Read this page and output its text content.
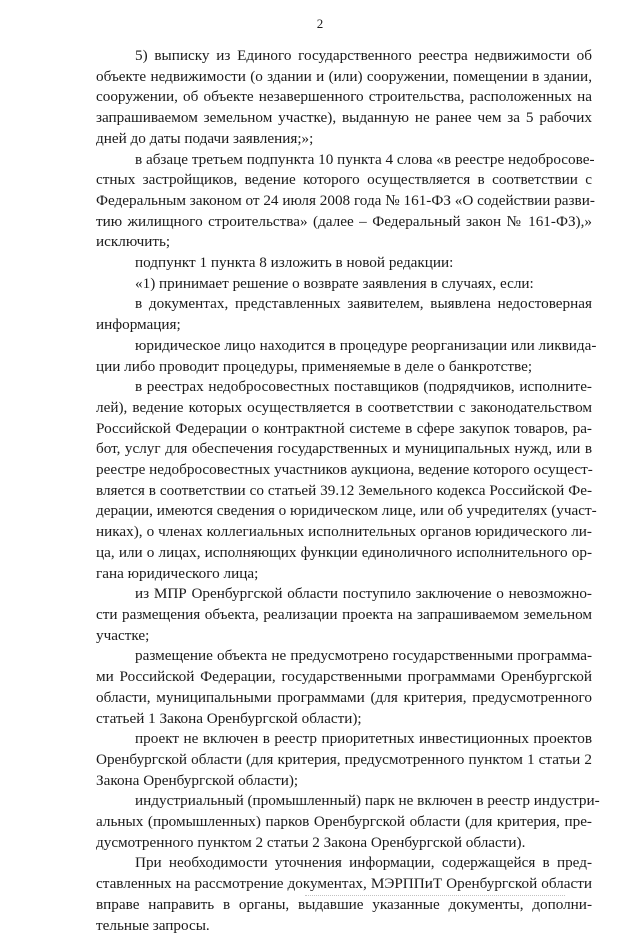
2
5) выписку из Единого государственного реестра недвижимости об
объекте недвижимости (о здании и (или) сооружении, помещении в здании,
сооружении, об объекте незавершенного строительства, расположенных на
запрашиваемом земельном участке), выданную не ранее чем за 5 рабочих
дней до даты подачи заявления;»;
в абзаце третьем подпункта 10 пункта 4 слова «в реестре недобросове-
стных застройщиков, ведение которого осуществляется в соответствии с
Федеральным законом от 24 июля 2008 года № 161-ФЗ «О содействии разви-
тию жилищного строительства» (далее – Федеральный закон № 161-ФЗ),»
исключить;
подпункт 1 пункта 8 изложить в новой редакции:
«1) принимает решение о возврате заявления в случаях, если:
в документах, представленных заявителем, выявлена недостоверная
информация;
юридическое лицо находится в процедуре реорганизации или ликвида-
ции либо проводит процедуры, применяемые в деле о банкротстве;
в реестрах недобросовестных поставщиков (подрядчиков, исполните-
лей), ведение которых осуществляется в соответствии с законодательством
Российской Федерации о контрактной системе в сфере закупок товаров, ра-
бот, услуг для обеспечения государственных и муниципальных нужд, или в
реестре недобросовестных участников аукциона, ведение которого осущест-
вляется в соответствии со статьей 39.12 Земельного кодекса Российской Фе-
дерации, имеются сведения о юридическом лице, или об учредителях (участ-
никах), о членах коллегиальных исполнительных органов юридического ли-
ца, или о лицах, исполняющих функции единоличного исполнительного ор-
гана юридического лица;
из МПР Оренбургской области поступило заключение о невозможно-
сти размещения объекта, реализации проекта на запрашиваемом земельном
участке;
размещение объекта не предусмотрено государственными программа-
ми Российской Федерации, государственными программами Оренбургской
области, муниципальными программами (для критерия, предусмотренного
статьей 1 Закона Оренбургской области);
проект не включен в реестр приоритетных инвестиционных проектов
Оренбургской области (для критерия, предусмотренного пунктом 1 статьи 2
Закона Оренбургской области);
индустриальный (промышленный) парк не включен в реестр индустри-
альных (промышленных) парков Оренбургской области (для критерия, пре-
дусмотренного пунктом 2 статьи 2 Закона Оренбургской области).
При необходимости уточнения информации, содержащейся в пред-
ставленных на рассмотрение документах, МЭРППиТ Оренбургской области
вправе направить в органы, выдавшие указанные документы, дополни-
тельные запросы.
